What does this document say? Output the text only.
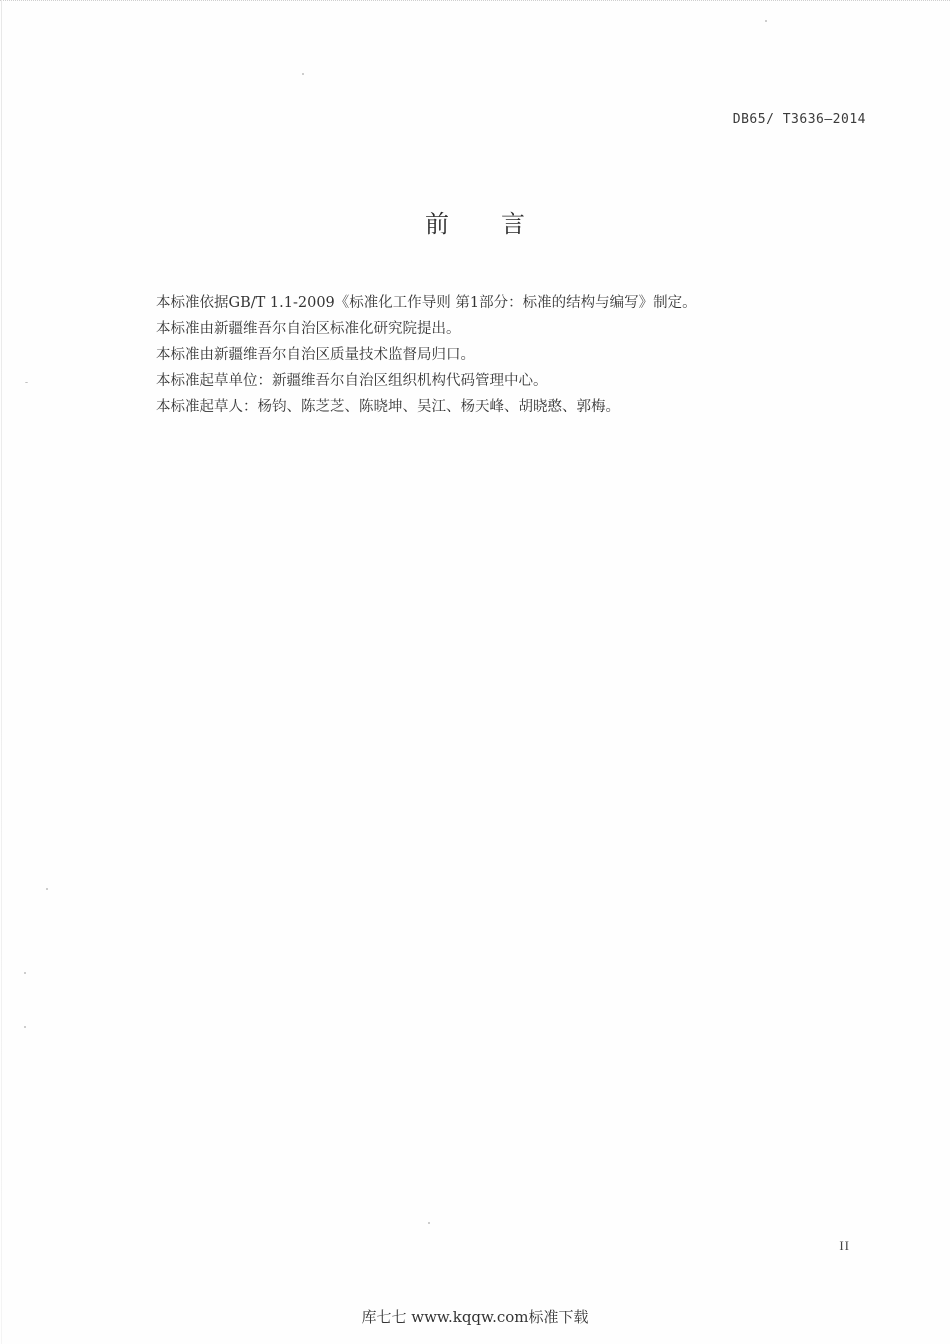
DB65/ T3636—2014
前言

本标准依据GB/T 1.1-2009《标准化工作导则 第1部分：标准的结构与编写》制定。

本标准由新疆维吾尔自治区标准化研究院提出。

本标准由新疆维吾尔自治区质量技术监督局归口。

本标准起草单位：新疆维吾尔自治区组织机构代码管理中心。

本标准起草人：杨钧、陈芝芝、陈晓坤、吴江、杨天峰、胡晓憨、郭梅。

II
库七七 www.kqqw.com标准下载
